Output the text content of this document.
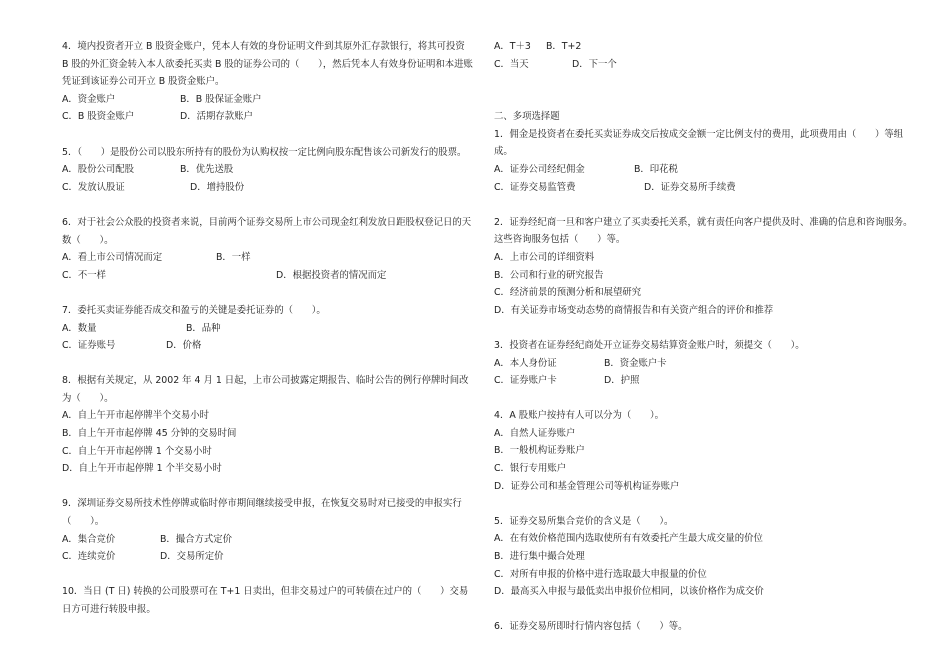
4．境内投资者开立 B 股资金账户，凭本人有效的身份证明文件到其原外汇存款银行，将其可投资 B 股的外汇资金转入本人欲委托买卖 B 股的证券公司的（　　），然后凭本人有效身份证明和本进账凭证到该证券公司开立 B 股资金账户。

A．资金账户	B．B 股保证金账户
C．B 股资金账户	D．活期存款账户

5．（　　）是股份公司以股东所持有的股份为认购权按一定比例向股东配售该公司新发行的股票。

A．股份公司配股	B．优先送股
C．发放认股证	D．增持股份

6．对于社会公众股的投资者来说，目前两个证券交易所上市公司现金红利发放日距股权登记日的天数（　　）。

A．看上市公司情况而定	B．一样
C．不一样	D．根据投资者的情况而定

7．委托买卖证券能否成交和盈亏的关键是委托证券的（　　）。

A．数量	B．品种
C．证券账号	D．价格

8．根据有关规定，从 2002 年 4 月 1 日起，上市公司披露定期报告、临时公告的例行停牌时间改为（　　）。

A．自上午开市起停牌半个交易小时

B．自上午开市起停牌 45 分钟的交易时间

C．自上午开市起停牌 1 个交易小时

D．自上午开市起停牌 1 个半交易小时

9．深圳证券交易所技术性停牌或临时停市期间继续接受申报，在恢复交易时对已接受的申报实行（　　）。

A．集合竞价	B．撮合方式定价
C．连续竞价	D．交易所定价

10．当日 (T 日) 转换的公司股票可在 T+1 日卖出，但非交易过户的可转债在过户的（　　）交易日方可进行转股申报。

A．T＋3	B．T+2
C．当天	D．下一个

二、多项选择题

1．佣金是投资者在委托买卖证券成交后按成交金额一定比例支付的费用，此项费用由（　　）等组成。

A．证券公司经纪佣金	B．印花税
C．证券交易监管费	D．证券交易所手续费

2．证券经纪商一旦和客户建立了买卖委托关系，就有责任向客户提供及时、准确的信息和咨询服务。这些咨询服务包括（　　）等。

A．上市公司的详细资料

B．公司和行业的研究报告

C．经济前景的预测分析和展望研究

D．有关证券市场变动态势的商情报告和有关资产组合的评价和推荐

3．投资者在证券经纪商处开立证券交易结算资金账户时，须提交（　　）。

A．本人身份证	B．资金账户卡
C．证券账户卡	D．护照

4．A 股账户按持有人可以分为（　　）。

A．自然人证券账户

B．一般机构证券账户

C．银行专用账户

D．证券公司和基金管理公司等机构证券账户

5．证券交易所集合竞价的含义是（　　）。

A．在有效价格范围内选取使所有有效委托产生最大成交量的价位

B．进行集中撮合处理

C．对所有申报的价格中进行选取最大申报量的价位

D．最高买入申报与最低卖出申报价位相同，以该价格作为成交价

6．证券交易所即时行情内容包括（　　）等。
